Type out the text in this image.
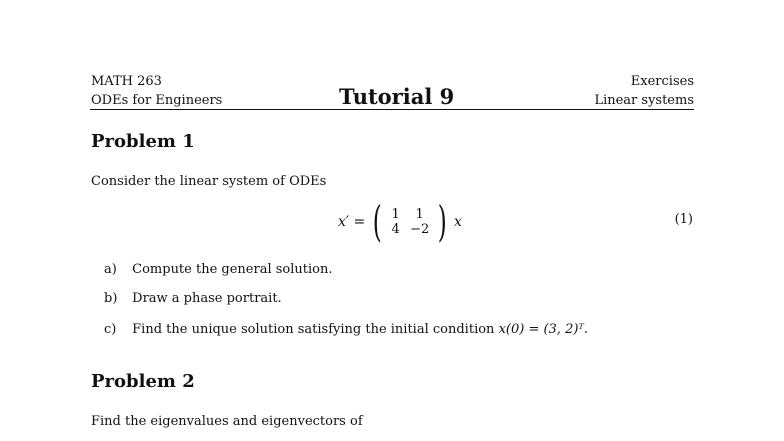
MATH 263
ODEs for Engineers	Tutorial 9
Exercises
Linear systems
Problem 1
Consider the linear system of ODEs
x′ = ( 1	1
4 −2 ) x	(1)
a) Compute the general solution.
b) Draw a phase portrait.
c) Find the unique solution satisfying the initial condition x(0) = (3, 2)ᵀ.
Problem 2
Find the eigenvalues and eigenvectors of
